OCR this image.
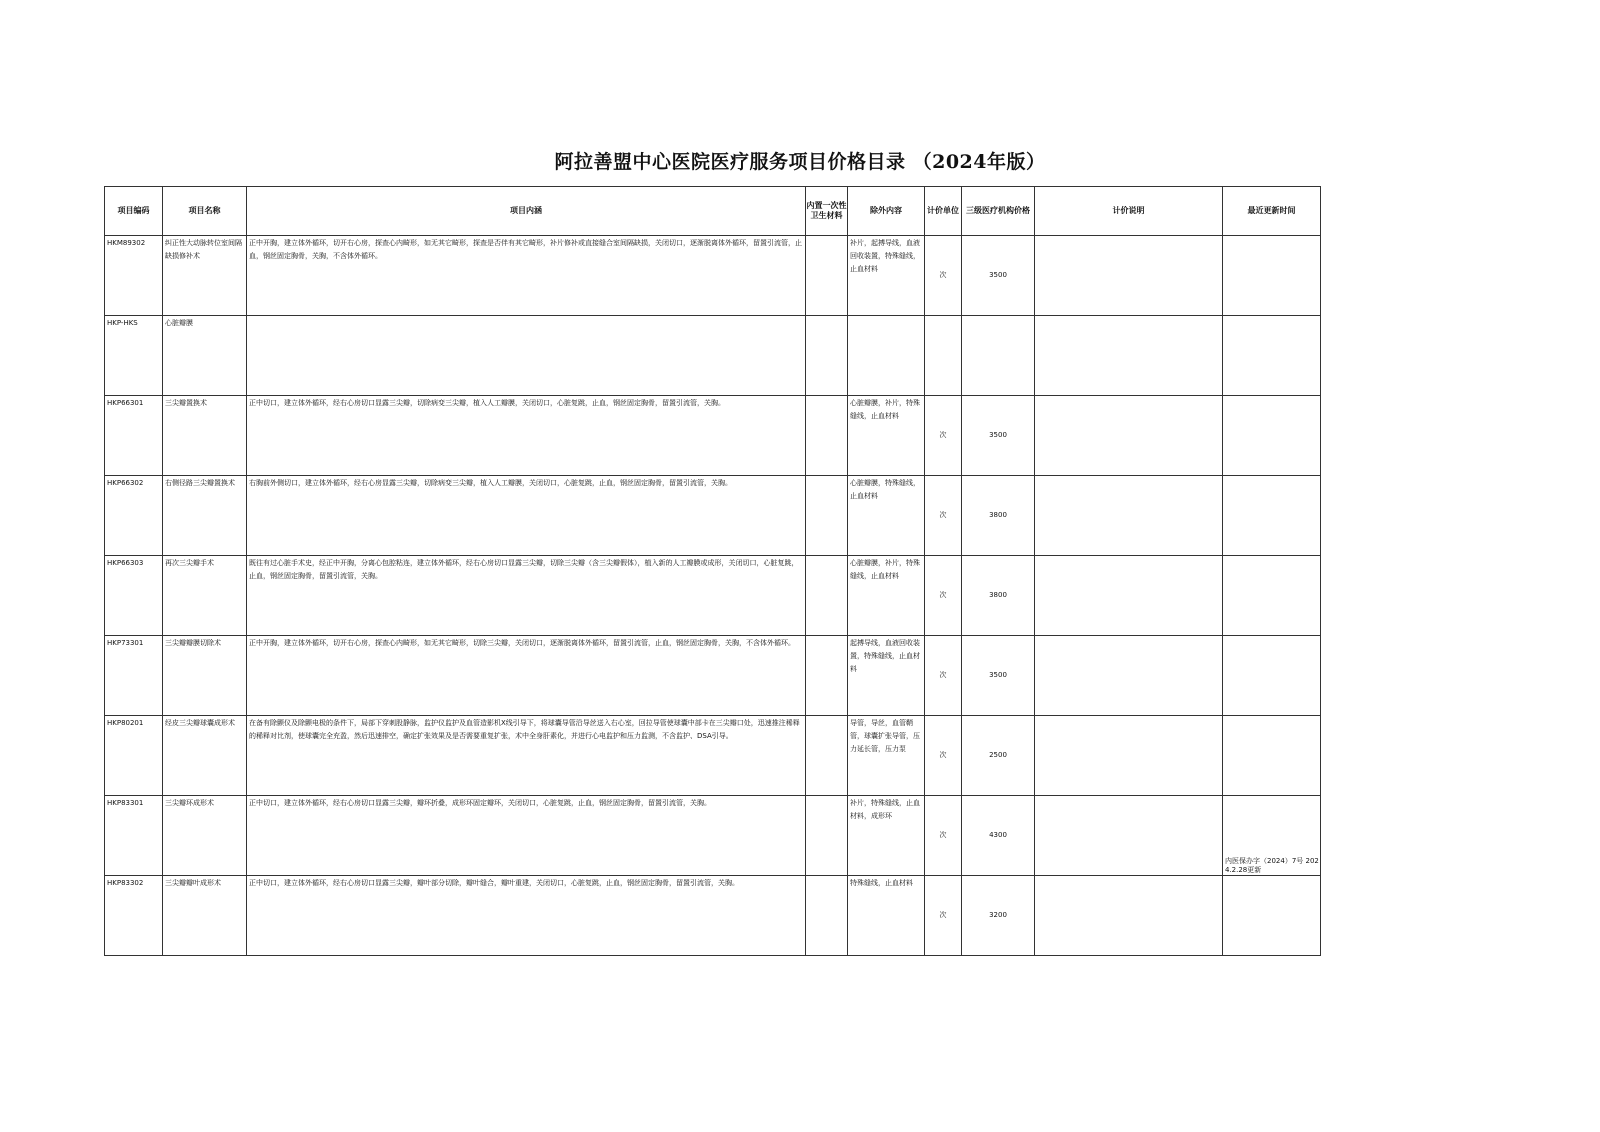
阿拉善盟中心医院医疗服务项目价格目录 （2024年版）
项目编码	项目名称	项目内涵	内置一次性卫生材料	除外内容	计价单位	三级医疗机构价格	计价说明	最近更新时间
HKM89302	纠正性大动脉转位室间隔缺损修补术	正中开胸，建立体外循环，切开右心房，探查心内畸形，如无其它畸形，探查是否伴有其它畸形，补片修补或直接缝合室间隔缺损，关闭切口，逐渐脱离体外循环，留置引流管，止血，钢丝固定胸骨，关胸，不含体外循环。		补片，起搏导线，血液回收装置，特殊缝线，止血材料	次	3500		
HKP-HKS	心脏瓣膜							
HKP66301	三尖瓣置换术	正中切口，建立体外循环，经右心房切口显露三尖瓣，切除病变三尖瓣，植入人工瓣膜，关闭切口，心脏复跳，止血，钢丝固定胸骨，留置引流管，关胸。		心脏瓣膜，补片，特殊缝线，止血材料	次	3500		
HKP66302	右侧径路三尖瓣置换术	右胸前外侧切口，建立体外循环，经右心房显露三尖瓣，切除病变三尖瓣，植入人工瓣膜，关闭切口，心脏复跳，止血，钢丝固定胸骨，留置引流管，关胸。		心脏瓣膜，特殊缝线，止血材料	次	3800		
HKP66303	再次三尖瓣手术	既往有过心脏手术史，经正中开胸，分离心包腔粘连，建立体外循环，经右心房切口显露三尖瓣，切除三尖瓣（含三尖瓣假体），植入新的人工瓣膜或成形，关闭切口，心脏复跳，止血，钢丝固定胸骨，留置引流管，关胸。		心脏瓣膜，补片，特殊缝线，止血材料	次	3800		
HKP73301	三尖瓣瓣膜切除术	正中开胸，建立体外循环，切开右心房，探查心内畸形，如无其它畸形，切除三尖瓣，关闭切口，逐渐脱离体外循环，留置引流管，止血，钢丝固定胸骨，关胸，不含体外循环。		起搏导线，血液回收装置，特殊缝线，止血材料	次	3500		
HKP80201	经皮三尖瓣球囊成形术	在备有除颤仪及除颤电极的条件下，局部下穿刺股静脉，监护仪监护及血管造影机X线引导下，将球囊导管沿导丝送入右心室，回拉导管使球囊中部卡在三尖瓣口处，迅速推注稀释的稀释对比剂，使球囊完全充盈，然后迅速排空，确定扩张效果及是否需要重复扩张，术中全身肝素化，并进行心电监护和压力监测，不含监护、DSA引导。		导管，导丝，血管鞘管，球囊扩张导管，压力延长管，压力泵	次	2500		
HKP83301	三尖瓣环成形术	正中切口，建立体外循环，经右心房切口显露三尖瓣，瓣环折叠，成形环固定瓣环，关闭切口，心脏复跳，止血，钢丝固定胸骨，留置引流管，关胸。		补片，特殊缝线，止血材料，成形环	次	4300		内医保办字（2024）7号 2024.2.28更新

HKP83302	三尖瓣瓣叶成形术	正中切口，建立体外循环，经右心房切口显露三尖瓣，瓣叶部分切除，瓣叶缝合，瓣叶重建，关闭切口，心脏复跳，止血，钢丝固定胸骨，留置引流管，关胸。		特殊缝线，止血材料	次	3200		
